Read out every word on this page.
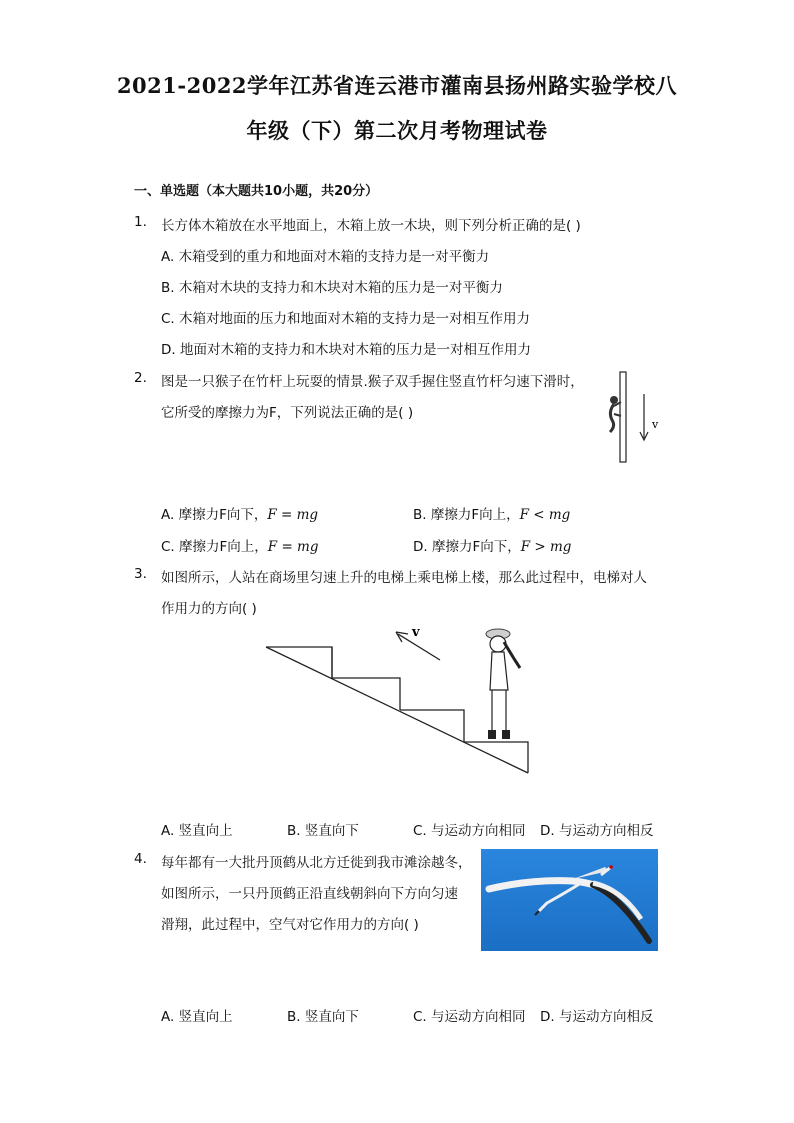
2021-2022学年江苏省连云港市灌南县扬州路实验学校八
年级（下）第二次月考物理试卷
一、单选题（本大题共10小题，共20分）
1. 长方体木箱放在水平地面上，木箱上放一木块，则下列分析正确的是( )
A. 木箱受到的重力和地面对木箱的支持力是一对平衡力
B. 木箱对木块的支持力和木块对木箱的压力是一对平衡力
C. 木箱对地面的压力和地面对木箱的支持力是一对相互作用力
D. 地面对木箱的支持力和木块对木箱的压力是一对相互作用力
2. 图是一只猴子在竹杆上玩耍的情景.猴子双手握住竖直竹杆匀速下滑时，
它所受的摩擦力为F，下列说法正确的是( )
v
A. 摩擦力F向下，F = mg	B. 摩擦力F向上，F < mg
C. 摩擦力F向上，F = mg	D. 摩擦力F向下，F > mg
3. 如图所示，人站在商场里匀速上升的电梯上乘电梯上楼，那么此过程中，电梯对人
作用力的方向( )
v
A. 竖直向上	B. 竖直向下	C. 与运动方向相同 D. 与运动方向相反
4. 每年都有一大批丹顶鹤从北方迁徙到我市滩涂越冬，
如图所示，一只丹顶鹤正沿直线朝斜向下方向匀速
滑翔，此过程中，空气对它作用力的方向( )
A. 竖直向上	B. 竖直向下	C. 与运动方向相同 D. 与运动方向相反
